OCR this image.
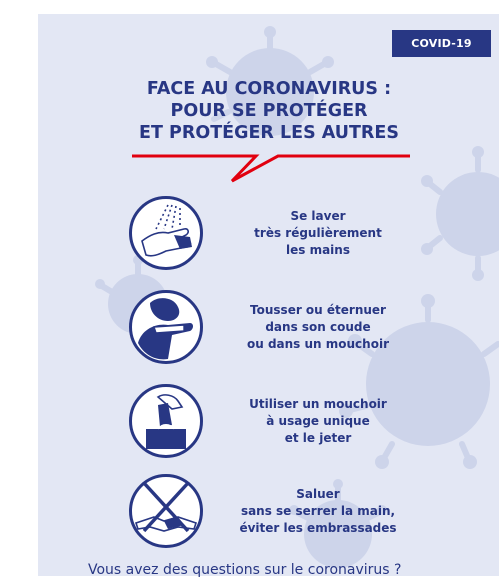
COVID-19
FACE AU CORONAVIRUS :
POUR SE PROTÉGER
ET PROTÉGER LES AUTRES
Se laver
très régulièrement
les mains
Tousser ou éternuer
dans son coude
ou dans un mouchoir
Utiliser un mouchoir
à usage unique
et le jeter
Saluer
sans se serrer la main,
éviter les embrassades
Vous avez des questions sur le coronavirus ?
